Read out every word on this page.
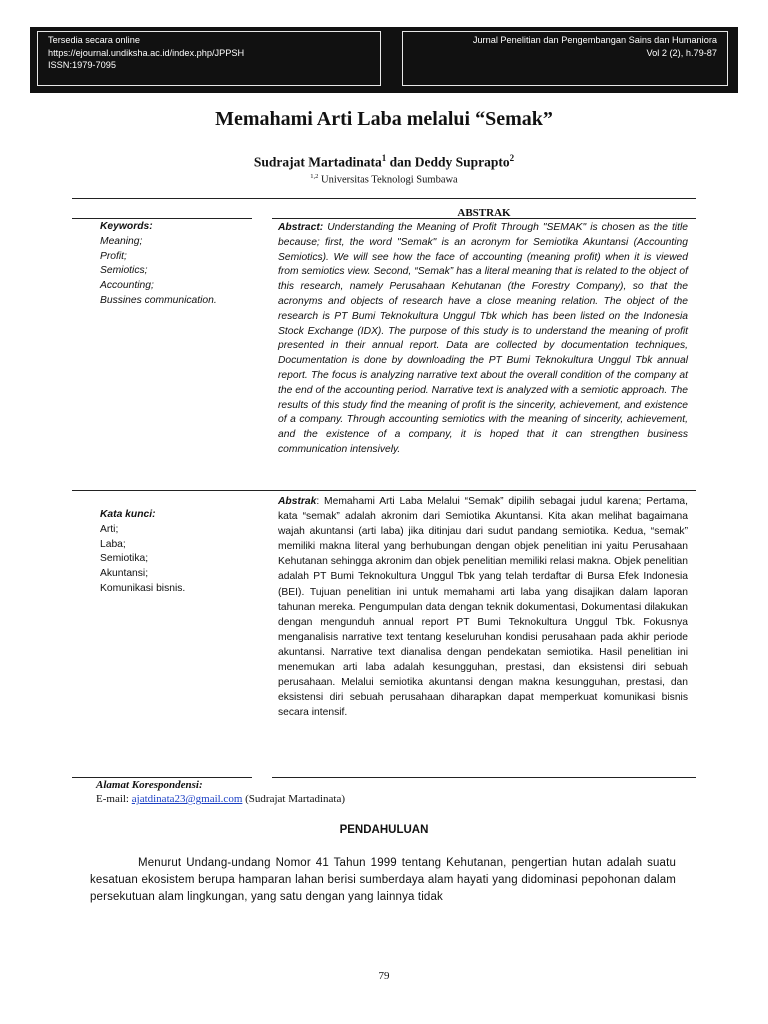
Tersedia secara online
https://ejournal.undiksha.ac.id/index.php/JPPSH
ISSN:1979-7095
Jurnal Penelitian dan Pengembangan Sains dan Humaniora
Vol 2 (2), h.79-87
Memahami Arti Laba melalui “Semak”
Sudrajat Martadinata$^1$ dan Deddy Suprapto$^2$
$^{1,2}$ Universitas Teknologi Sumbawa
ABSTRAK
Keywords:
Meaning;
Profit;
Semiotics;
Accounting;
Bussines communication.
Abstract: Understanding the Meaning of Profit Through "SEMAK" is chosen as the title because; first, the word "Semak" is an acronym for Semiotika Akuntansi (Accounting Semiotics). We will see how the face of accounting (meaning profit) when it is viewed from semiotics view. Second, “Semak” has a literal meaning that is related to the object of this research, namely Perusahaan Kehutanan (the Forestry Company), so that the acronyms and objects of research have a close meaning relation. The object of the research is PT Bumi Teknokultura Unggul Tbk which has been listed on the Indonesia Stock Exchange (IDX). The purpose of this study is to understand the meaning of profit presented in their annual report. Data are collected by documentation techniques, Documentation is done by downloading the PT Bumi Teknokultura Unggul Tbk annual report. The focus is analyzing narrative text about the overall condition of the company at the end of the accounting period. Narrative text is analyzed with a semiotic approach. The results of this study find the meaning of profit is the sincerity, achievement, and existence of a company. Through accounting semiotics with the meaning of sincerity, achievement, and the existence of a company, it is hoped that it can strengthen business communication intensively.
Kata kunci:
Arti;
Laba;
Semiotika;
Akuntansi;
Komunikasi bisnis.
Abstrak: Memahami Arti Laba Melalui “Semak” dipilih sebagai judul karena; Pertama, kata “semak” adalah akronim dari Semiotika Akuntansi. Kita akan melihat bagaimana wajah akuntansi (arti laba) jika ditinjau dari sudut pandang semiotika. Kedua, “semak” memiliki makna literal yang berhubungan dengan objek penelitian ini yaitu Perusahaan Kehutanan sehingga akronim dan objek penelitian memiliki relasi makna. Objek penelitian adalah PT Bumi Teknokultura Unggul Tbk yang telah terdaftar di Bursa Efek Indonesia (BEI). Tujuan penelitian ini untuk memahami arti laba yang disajikan dalam laporan tahunan mereka. Pengumpulan data dengan teknik dokumentasi, Dokumentasi dilakukan dengan mengunduh annual report PT Bumi Teknokultura Unggul Tbk. Fokusnya menganalisis narrative text tentang keseluruhan kondisi perusahaan pada akhir periode akuntansi. Narrative text dianalisa dengan pendekatan semiotika. Hasil penelitian ini menemukan arti laba adalah kesungguhan, prestasi, dan eksistensi diri sebuah perusahaan. Melalui semiotika akuntansi dengan makna kesungguhan, prestasi, dan eksistensi diri sebuah perusahaan diharapkan dapat memperkuat komunikasi bisnis secara intensif.
Alamat Korespondensi:
E-mail: ajatdinata23@gmail.com (Sudrajat Martadinata)
PENDAHULUAN
Menurut Undang-undang Nomor 41 Tahun 1999 tentang Kehutanan, pengertian hutan adalah suatu kesatuan ekosistem berupa hamparan lahan berisi sumberdaya alam hayati yang didominasi pepohonan dalam persekutuan alam lingkungan, yang satu dengan yang lainnya tidak
79
